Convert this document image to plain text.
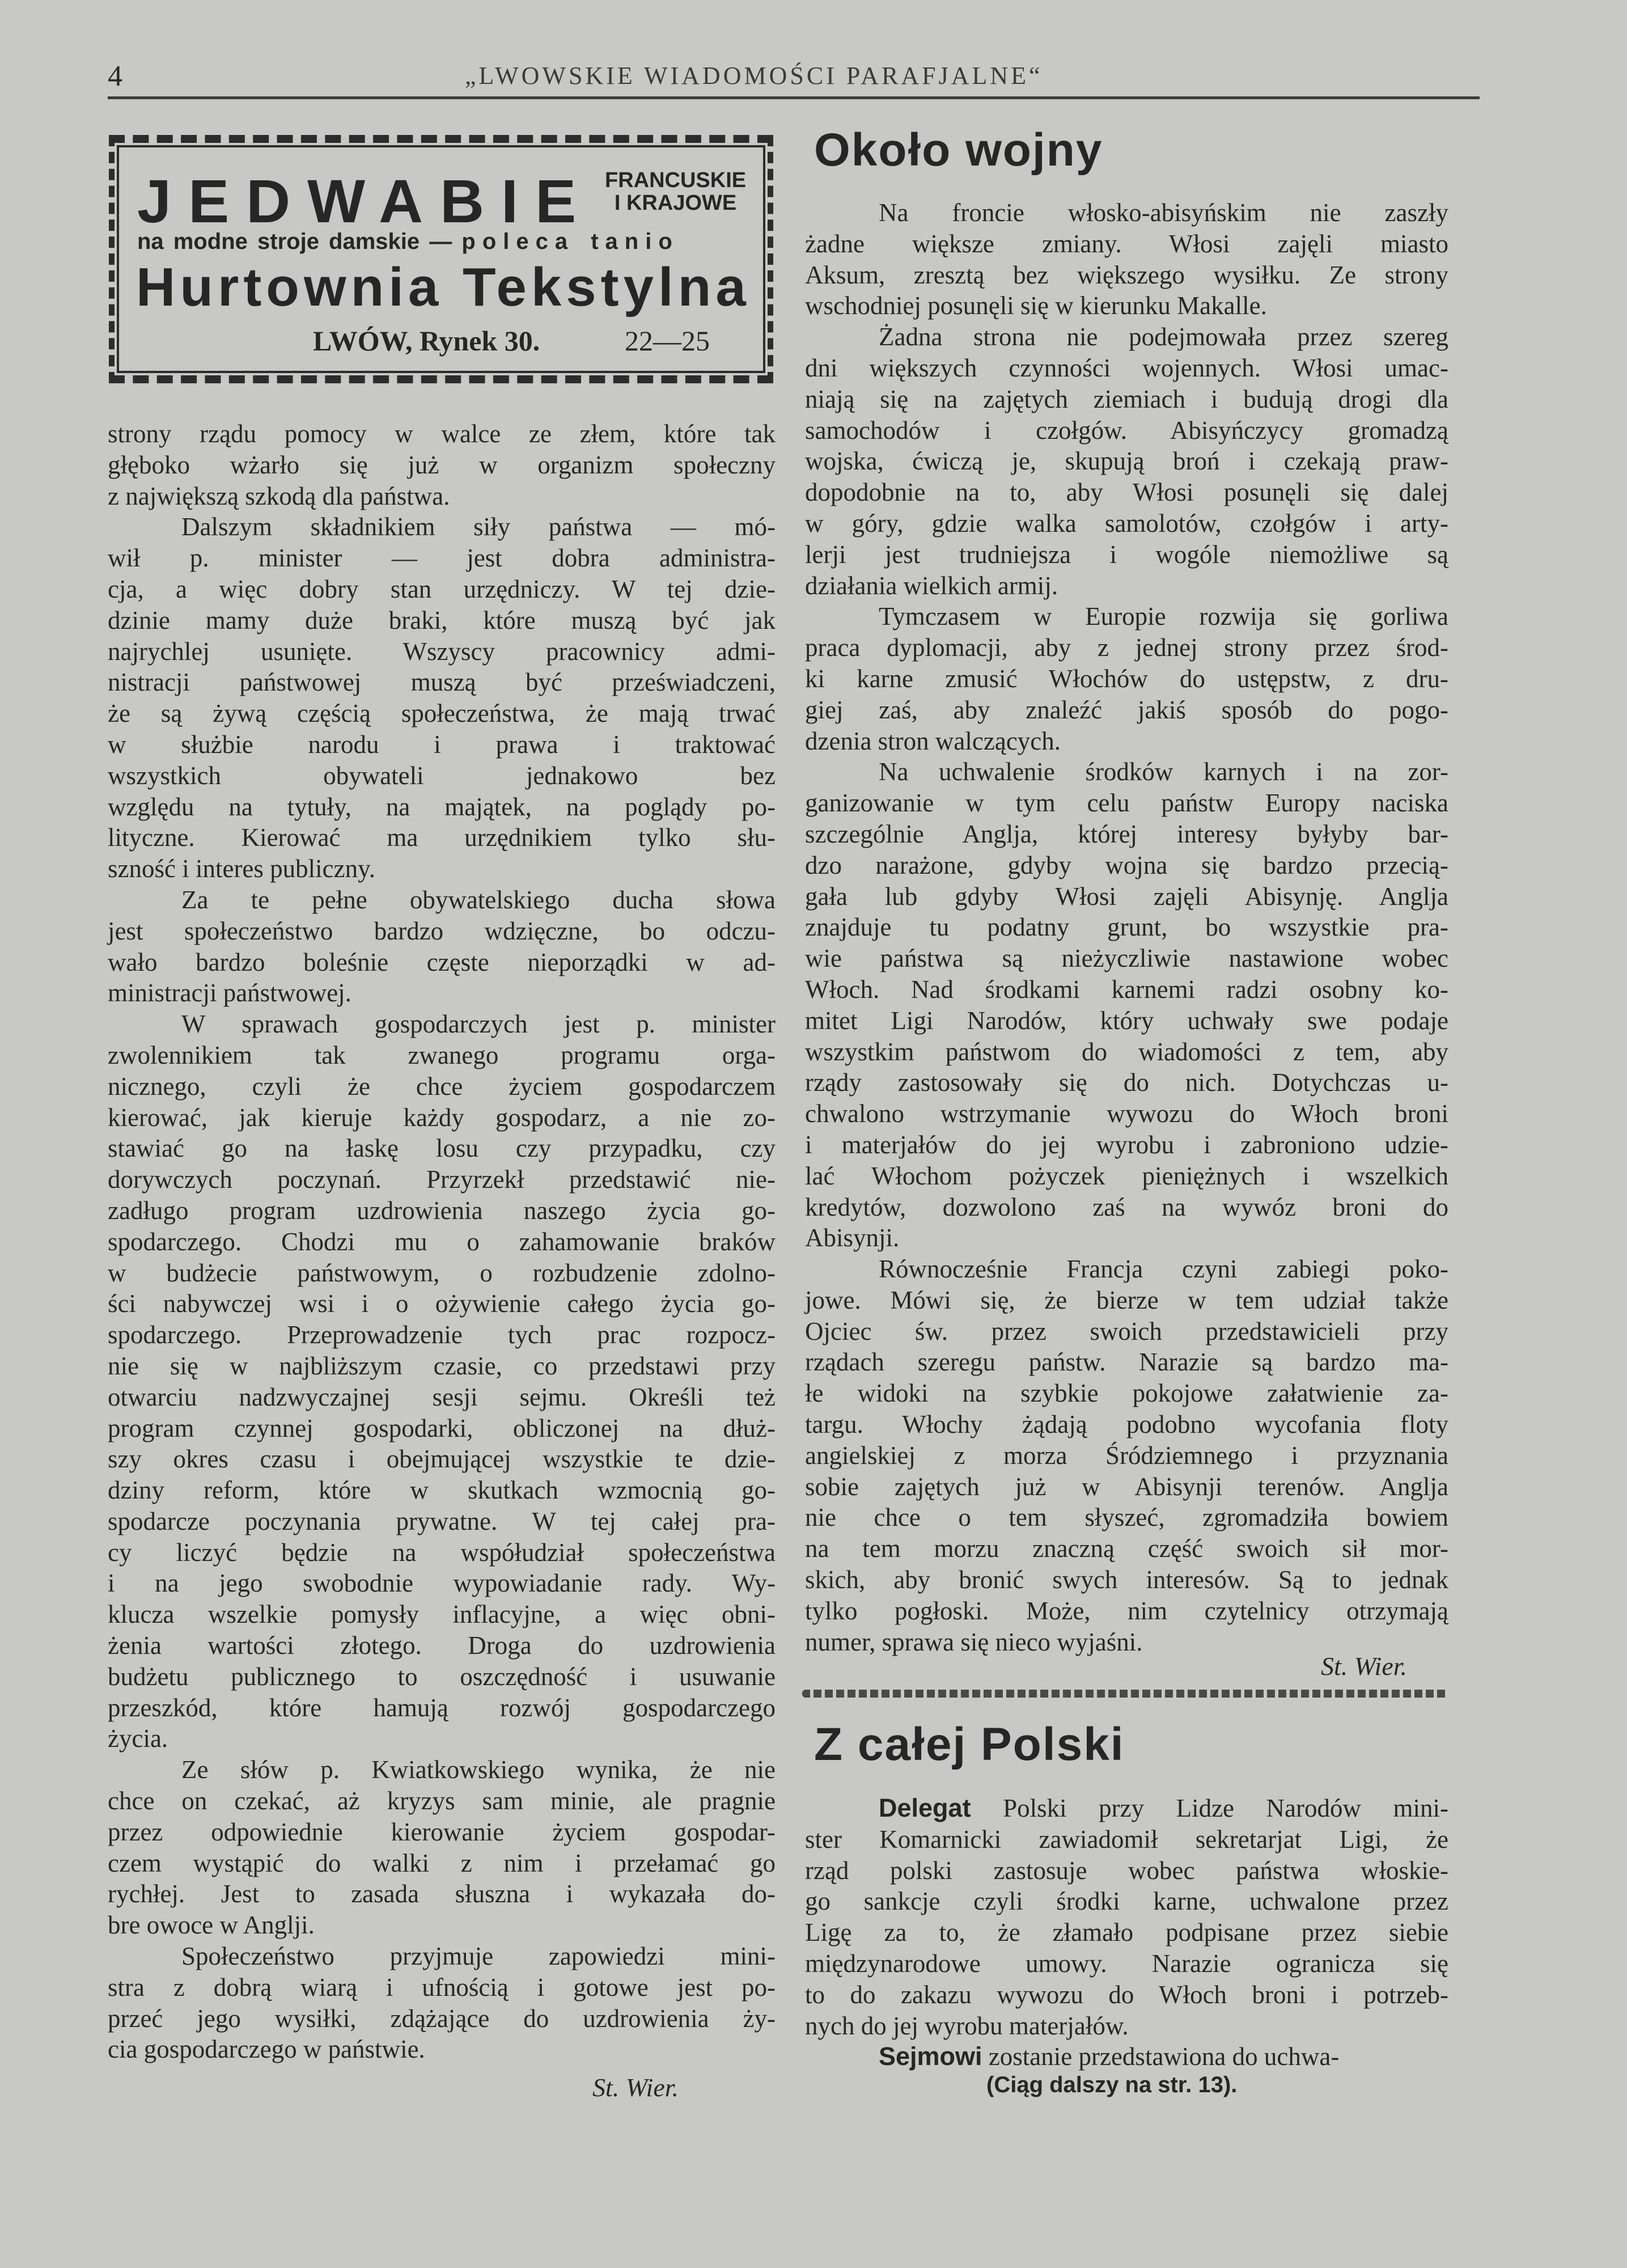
4	„LWOWSKIE WIADOMOŚCI PARAFJALNE“
JEDWABIE FRANCUSKIE
I KRAJOWE
na modne stroje damskie — poleca tanio
Hurtownia Tekstylna
LWÓW, Rynek 30.	22—25
strony rządu pomocy w walce ze złem, które tak
głęboko wżarło się już w organizm społeczny
z największą szkodą dla państwa.
Dalszym składnikiem siły państwa — mó-
wił p. minister — jest dobra administra-
cja, a więc dobry stan urzędniczy. W tej dzie-
dzinie mamy duże braki, które muszą być jak
najrychlej usunięte. Wszyscy pracownicy admi-
nistracji państwowej muszą być przeświadczeni,
że są żywą częścią społeczeństwa, że mają trwać
w służbie narodu i prawa i traktować
wszystkich obywateli jednakowo bez
względu na tytuły, na majątek, na poglądy po-
lityczne. Kierować ma urzędnikiem tylko słu-
szność i interes publiczny.
Za te pełne obywatelskiego ducha słowa
jest społeczeństwo bardzo wdzięczne, bo odczu-
wało bardzo boleśnie częste nieporządki w ad-
ministracji państwowej.
W sprawach gospodarczych jest p. minister
zwolennikiem tak zwanego programu orga-
nicznego, czyli że chce życiem gospodarczem
kierować, jak kieruje każdy gospodarz, a nie zo-
stawiać go na łaskę losu czy przypadku, czy
dorywczych poczynań. Przyrzekł przedstawić nie-
zadługo program uzdrowienia naszego życia go-
spodarczego. Chodzi mu o zahamowanie braków
w budżecie państwowym, o rozbudzenie zdolno-
ści nabywczej wsi i o ożywienie całego życia go-
spodarczego. Przeprowadzenie tych prac rozpocz-
nie się w najbliższym czasie, co przedstawi przy
otwarciu nadzwyczajnej sesji sejmu. Określi też
program czynnej gospodarki, obliczonej na dłuż-
szy okres czasu i obejmującej wszystkie te dzie-
dziny reform, które w skutkach wzmocnią go-
spodarcze poczynania prywatne. W tej całej pra-
cy liczyć będzie na współudział społeczeństwa
i na jego swobodnie wypowiadanie rady. Wy-
klucza wszelkie pomysły inflacyjne, a więc obni-
żenia wartości złotego. Droga do uzdrowienia
budżetu publicznego to oszczędność i usuwanie
przeszkód, które hamują rozwój gospodarczego
życia.
Ze słów p. Kwiatkowskiego wynika, że nie
chce on czekać, aż kryzys sam minie, ale pragnie
przez odpowiednie kierowanie życiem gospodar-
czem wystąpić do walki z nim i przełamać go
rychłej. Jest to zasada słuszna i wykazała do-
bre owoce w Anglji.
Społeczeństwo przyjmuje zapowiedzi mini-
stra z dobrą wiarą i ufnością i gotowe jest po-
przeć jego wysiłki, zdążające do uzdrowienia ży-
cia gospodarczego w państwie.
St. Wier.
Około wojny
Na froncie włosko-abisyńskim nie zaszły
żadne większe zmiany. Włosi zajęli miasto
Aksum, zresztą bez większego wysiłku. Ze strony
wschodniej posunęli się w kierunku Makalle.
Żadna strona nie podejmowała przez szereg
dni większych czynności wojennych. Włosi umac-
niają się na zajętych ziemiach i budują drogi dla
samochodów i czołgów. Abisyńczycy gromadzą
wojska, ćwiczą je, skupują broń i czekają praw-
dopodobnie na to, aby Włosi posunęli się dalej
w góry, gdzie walka samolotów, czołgów i arty-
lerji jest trudniejsza i wogóle niemożliwe są
działania wielkich armij.
Tymczasem w Europie rozwija się gorliwa
praca dyplomacji, aby z jednej strony przez środ-
ki karne zmusić Włochów do ustępstw, z dru-
giej zaś, aby znaleźć jakiś sposób do pogo-
dzenia stron walczących.
Na uchwalenie środków karnych i na zor-
ganizowanie w tym celu państw Europy naciska
szczególnie Anglja, której interesy byłyby bar-
dzo narażone, gdyby wojna się bardzo przecią-
gała lub gdyby Włosi zajęli Abisynję. Anglja
znajduje tu podatny grunt, bo wszystkie pra-
wie państwa są nieżyczliwie nastawione wobec
Włoch. Nad środkami karnemi radzi osobny ko-
mitet Ligi Narodów, który uchwały swe podaje
wszystkim państwom do wiadomości z tem, aby
rządy zastosowały się do nich. Dotychczas u-
chwalono wstrzymanie wywozu do Włoch broni
i materjałów do jej wyrobu i zabroniono udzie-
lać Włochom pożyczek pieniężnych i wszelkich
kredytów, dozwolono zaś na wywóz broni do
Abisynji.
Równocześnie Francja czyni zabiegi poko-
jowe. Mówi się, że bierze w tem udział także
Ojciec św. przez swoich przedstawicieli przy
rządach szeregu państw. Narazie są bardzo ma-
łe widoki na szybkie pokojowe załatwienie za-
targu. Włochy żądają podobno wycofania floty
angielskiej z morza Śródziemnego i przyznania
sobie zajętych już w Abisynji terenów. Anglja
nie chce o tem słyszeć, zgromadziła bowiem
na tem morzu znaczną część swoich sił mor-
skich, aby bronić swych interesów. Są to jednak
tylko pogłoski. Może, nim czytelnicy otrzymają
numer, sprawa się nieco wyjaśni.
St. Wier.
Z całej Polski
Delegat Polski przy Lidze Narodów mini-
ster Komarnicki zawiadomił sekretarjat Ligi, że
rząd polski zastosuje wobec państwa włoskie-
go sankcje czyli środki karne, uchwalone przez
Ligę za to, że złamało podpisane przez siebie
międzynarodowe umowy. Narazie ogranicza się
to do zakazu wywozu do Włoch broni i potrzeb-
nych do jej wyrobu materjałów.
Sejmowi zostanie przedstawiona do uchwa-
(Ciąg dalszy na str. 13).
